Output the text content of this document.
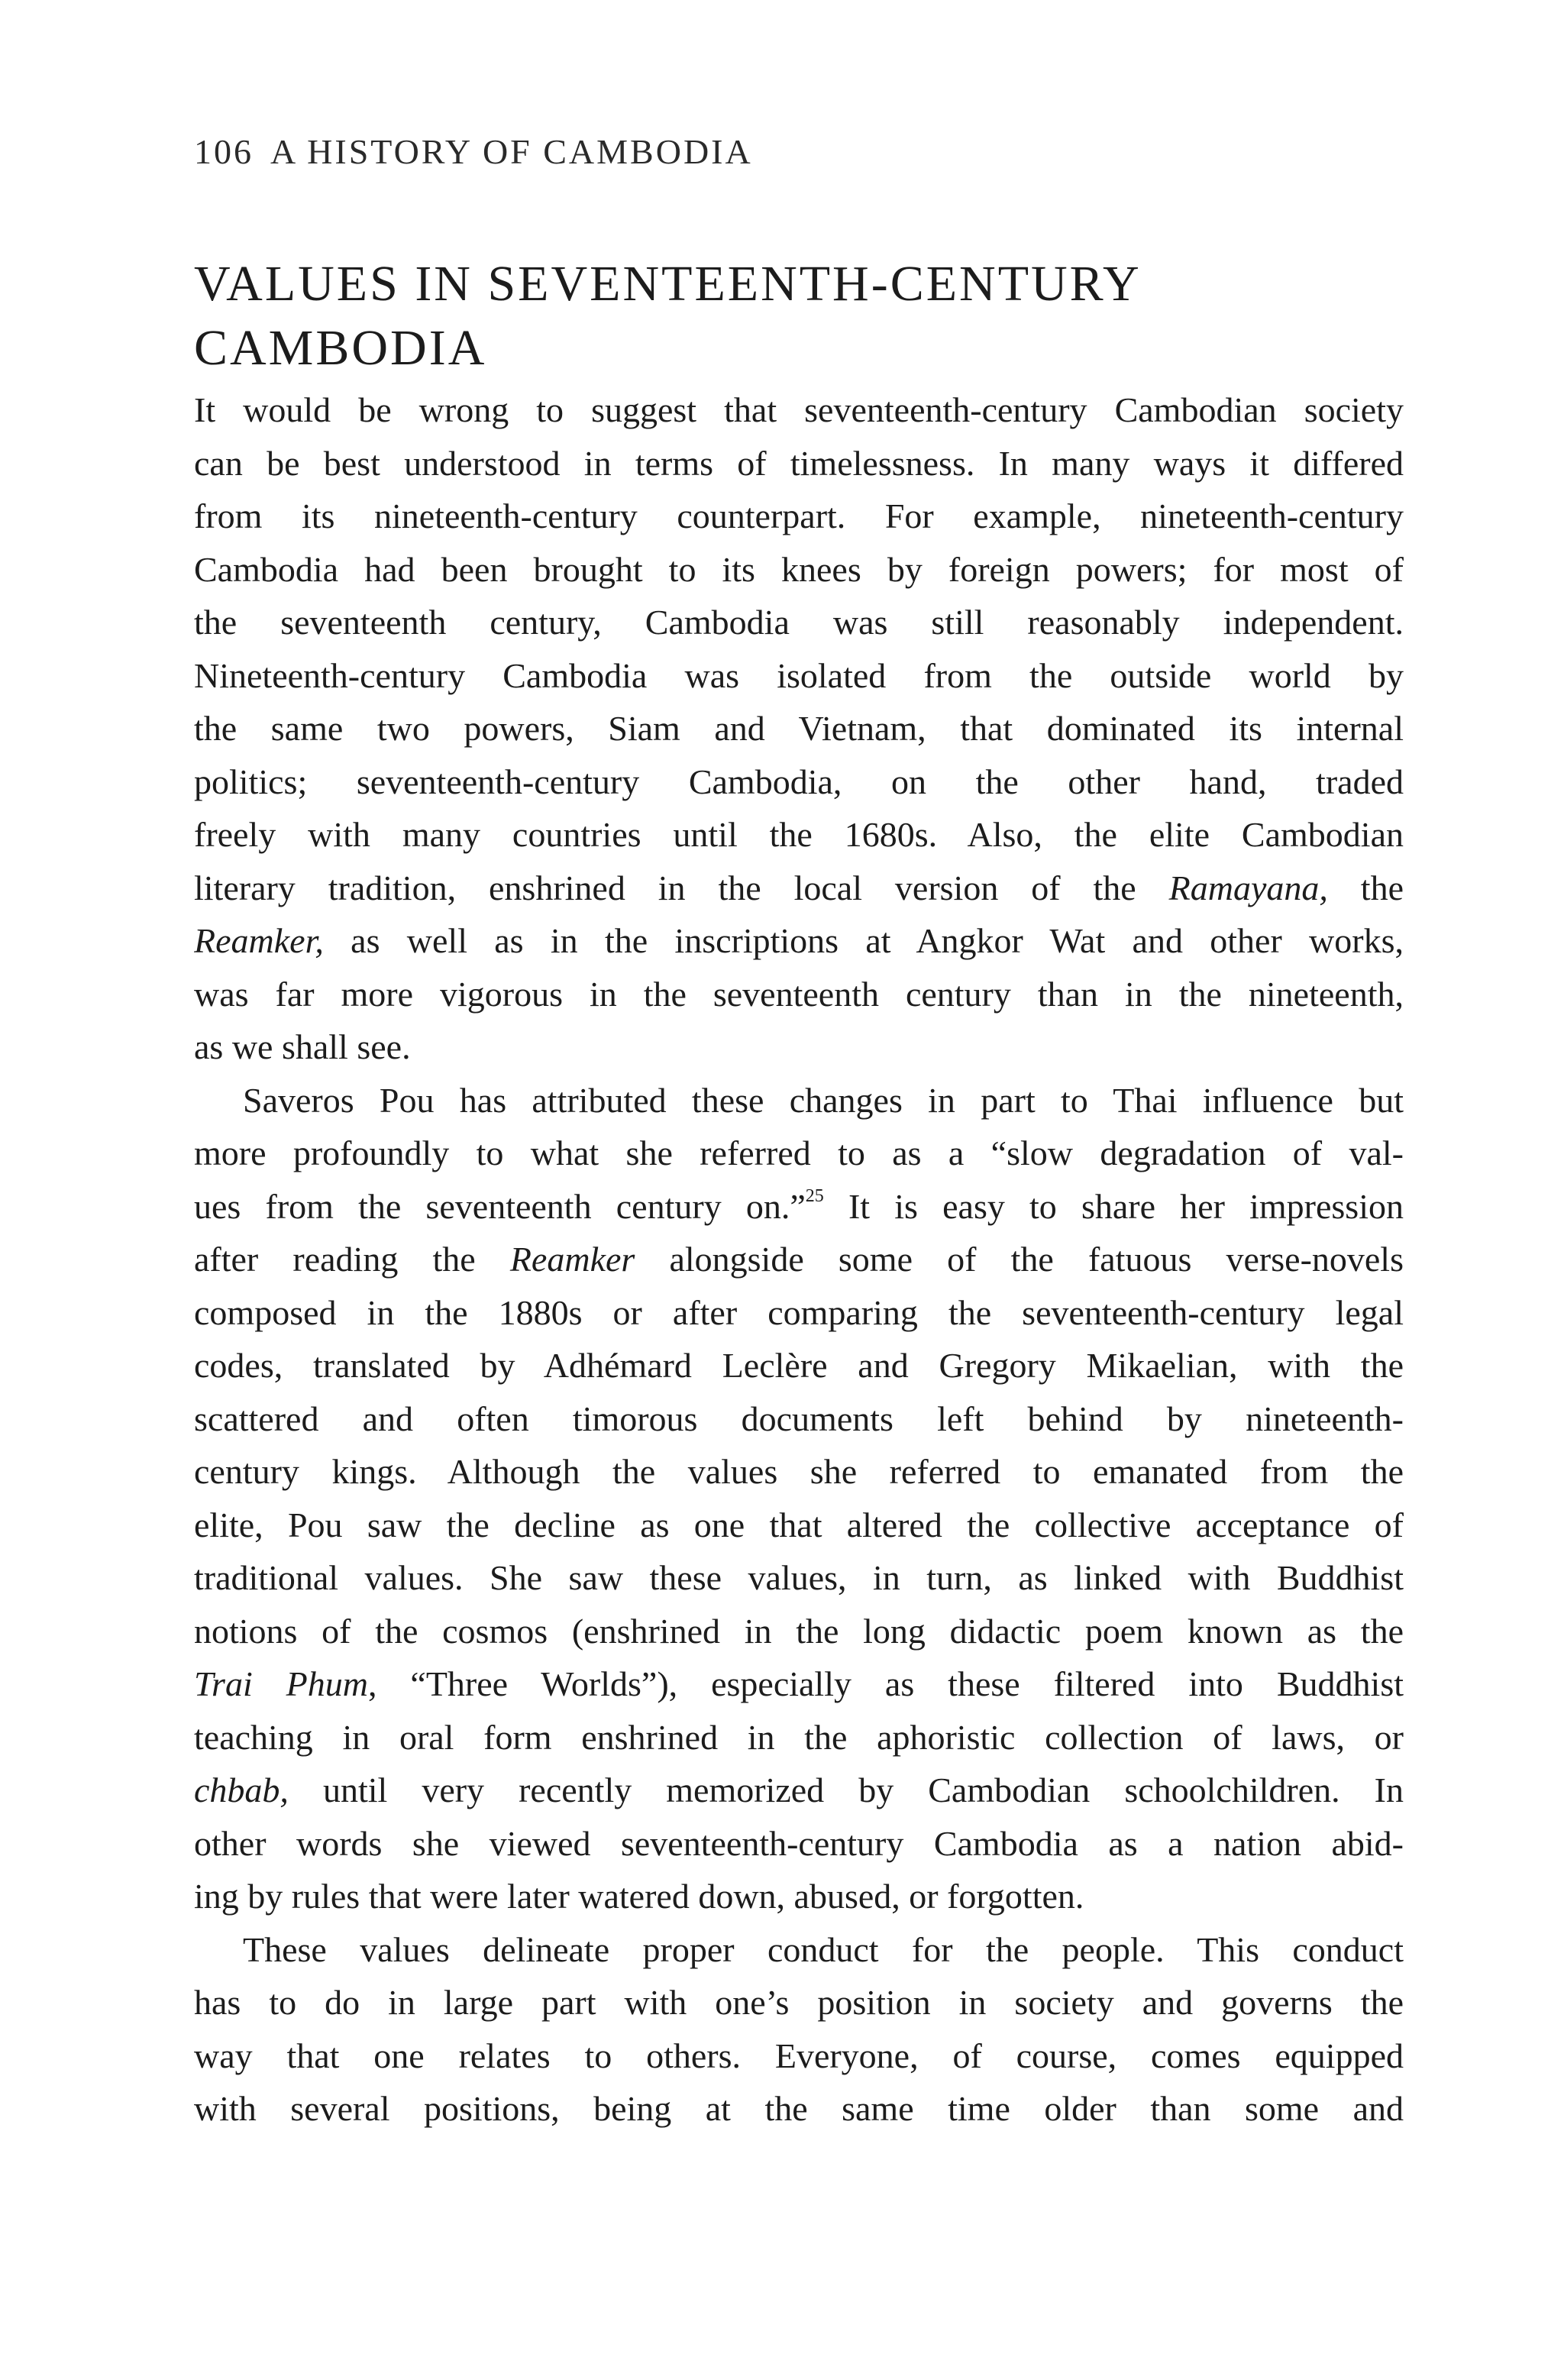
106 A HISTORY OF CAMBODIA
VALUES IN SEVENTEENTH-CENTURY
CAMBODIA
It would be wrong to suggest that seventeenth-century Cambodian society
can be best understood in terms of timelessness. In many ways it differed
from its nineteenth-century counterpart. For example, nineteenth-century
Cambodia had been brought to its knees by foreign powers; for most of
the seventeenth century, Cambodia was still reasonably independent.
Nineteenth-century Cambodia was isolated from the outside world by
the same two powers, Siam and Vietnam, that dominated its internal
politics; seventeenth-century Cambodia, on the other hand, traded
freely with many countries until the 1680s. Also, the elite Cambodian
literary tradition, enshrined in the local version of the Ramayana, the
Reamker, as well as in the inscriptions at Angkor Wat and other works,
was far more vigorous in the seventeenth century than in the nineteenth,
as we shall see.
Saveros Pou has attributed these changes in part to Thai influence but
more profoundly to what she referred to as a “slow degradation of val-
ues from the seventeenth century on.”$^{25}$ It is easy to share her impression
after reading the Reamker alongside some of the fatuous verse-novels
composed in the 1880s or after comparing the seventeenth-century legal
codes, translated by Adhémard Leclère and Gregory Mikaelian, with the
scattered and often timorous documents left behind by nineteenth-
century kings. Although the values she referred to emanated from the
elite, Pou saw the decline as one that altered the collective acceptance of
traditional values. She saw these values, in turn, as linked with Buddhist
notions of the cosmos (enshrined in the long didactic poem known as the
Trai Phum, “Three Worlds”), especially as these filtered into Buddhist
teaching in oral form enshrined in the aphoristic collection of laws, or
chbab, until very recently memorized by Cambodian schoolchildren. In
other words she viewed seventeenth-century Cambodia as a nation abid-
ing by rules that were later watered down, abused, or forgotten.
These values delineate proper conduct for the people. This conduct
has to do in large part with one’s position in society and governs the
way that one relates to others. Everyone, of course, comes equipped
with several positions, being at the same time older than some and
